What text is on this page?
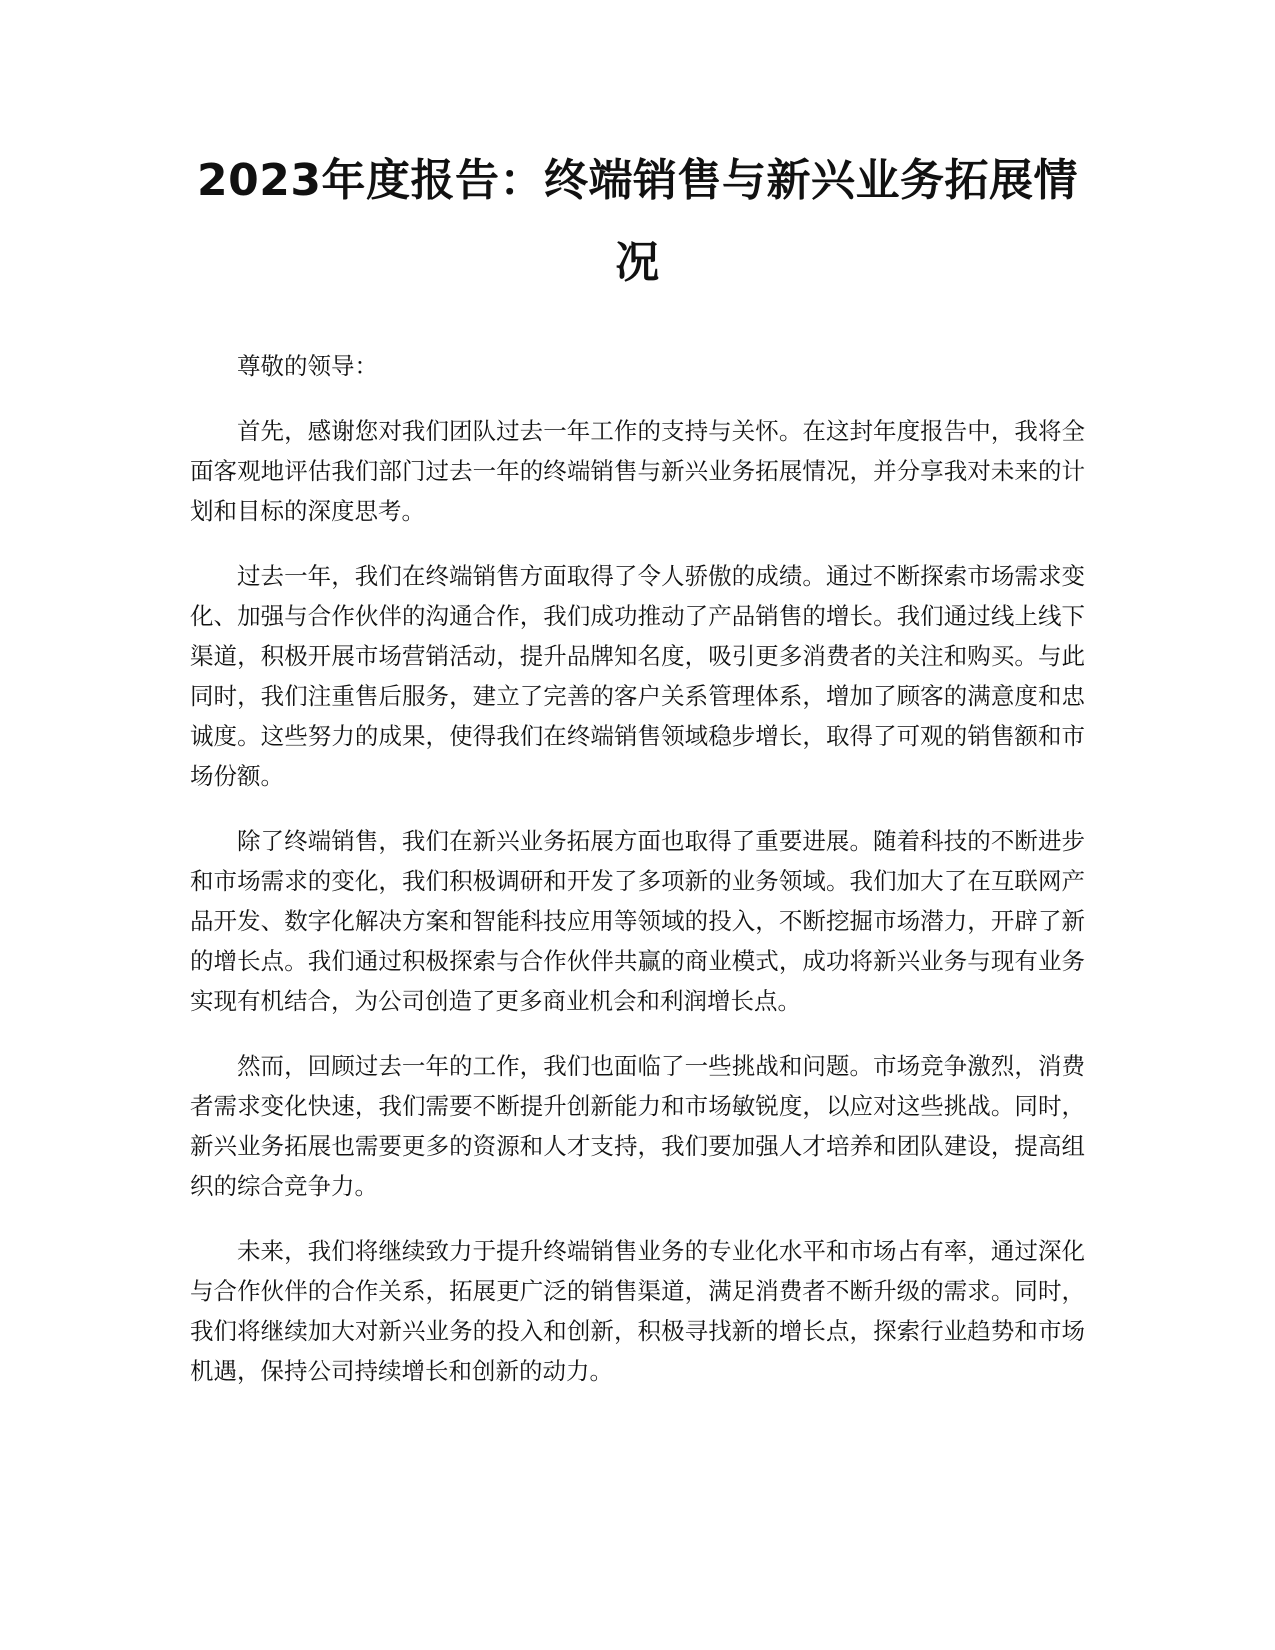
2023年度报告：终端销售与新兴业务拓展情况

尊敬的领导：

首先，感谢您对我们团队过去一年工作的支持与关怀。在这封年度报告中，我将全面客观地评估我们部门过去一年的终端销售与新兴业务拓展情况，并分享我对未来的计划和目标的深度思考。

过去一年，我们在终端销售方面取得了令人骄傲的成绩。通过不断探索市场需求变化、加强与合作伙伴的沟通合作，我们成功推动了产品销售的增长。我们通过线上线下渠道，积极开展市场营销活动，提升品牌知名度，吸引更多消费者的关注和购买。与此同时，我们注重售后服务，建立了完善的客户关系管理体系，增加了顾客的满意度和忠诚度。这些努力的成果，使得我们在终端销售领域稳步增长，取得了可观的销售额和市场份额。

除了终端销售，我们在新兴业务拓展方面也取得了重要进展。随着科技的不断进步和市场需求的变化，我们积极调研和开发了多项新的业务领域。我们加大了在互联网产品开发、数字化解决方案和智能科技应用等领域的投入，不断挖掘市场潜力，开辟了新的增长点。我们通过积极探索与合作伙伴共赢的商业模式，成功将新兴业务与现有业务实现有机结合，为公司创造了更多商业机会和利润增长点。

然而，回顾过去一年的工作，我们也面临了一些挑战和问题。市场竞争激烈，消费者需求变化快速，我们需要不断提升创新能力和市场敏锐度，以应对这些挑战。同时，新兴业务拓展也需要更多的资源和人才支持，我们要加强人才培养和团队建设，提高组织的综合竞争力。

未来，我们将继续致力于提升终端销售业务的专业化水平和市场占有率，通过深化与合作伙伴的合作关系，拓展更广泛的销售渠道，满足消费者不断升级的需求。同时，我们将继续加大对新兴业务的投入和创新，积极寻找新的增长点，探索行业趋势和市场机遇，保持公司持续增长和创新的动力。
